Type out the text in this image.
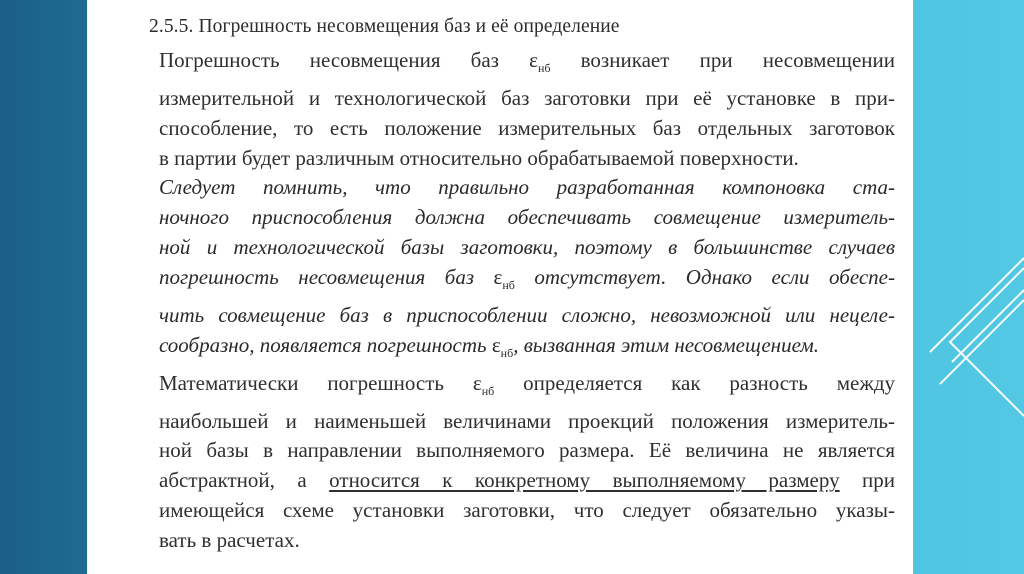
2.5.5. Погрешность несовмещения баз и её определение
Погрешность несовмещения баз $\varepsilon_{нб}$ возникает при несовмещении
измерительной и технологической баз заготовки при её установке в при-
способление, то есть положение измерительных баз отдельных заготовок
в партии будет различным относительно обрабатываемой поверхности.
Следует помнить, что правильно разработанная компоновка ста-
ночного приспособления должна обеспечивать совмещение измеритель-
ной и технологической базы заготовки, поэтому в большинстве случаев
погрешность несовмещения баз $\varepsilon_{нб}$ отсутствует. Однако если обеспе-
чить совмещение баз в приспособлении сложно, невозможной или нецеле-
сообразно, появляется погрешность $\varepsilon_{нб}$, вызванная этим несовмещением.
Математически погрешность $\varepsilon_{нб}$ определяется как разность между
наибольшей и наименьшей величинами проекций положения измеритель-
ной базы в направлении выполняемого размера. Её величина не является
абстрактной, а относится к конкретному выполняемому размеру при
имеющейся схеме установки заготовки, что следует обязательно указы-
вать в расчетах.
